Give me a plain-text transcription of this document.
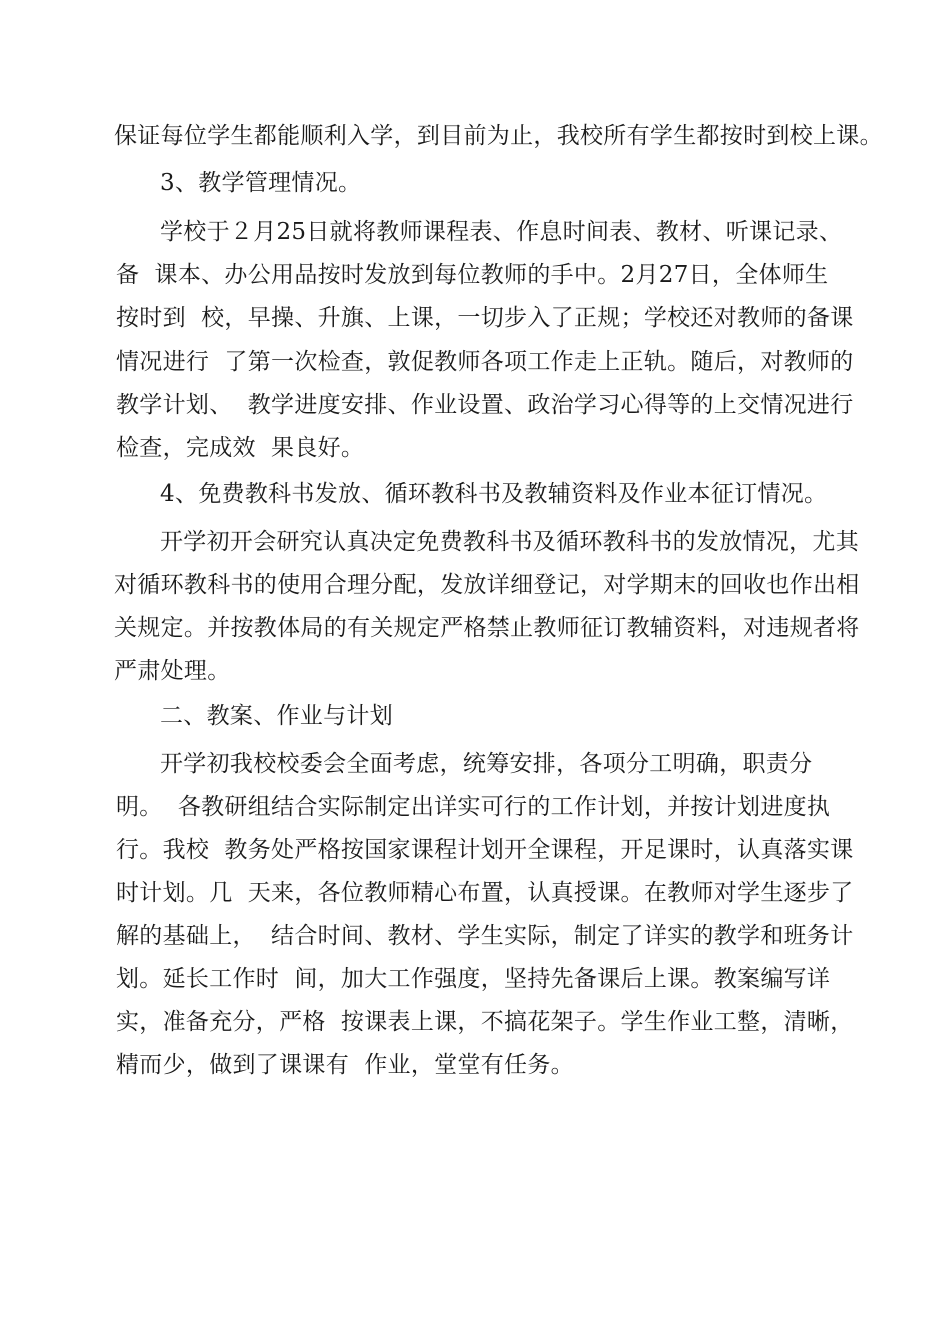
保证每位学生都能顺利入学，到目前为止，我校所有学生都按时到校上课。
3、教学管理情况。
学校于２月25日就将教师课程表、作息时间表、教材、听课记录、
备  课本、办公用品按时发放到每位教师的手中。2月27日，全体师生
按时到  校，早操、升旗、上课，一切步入了正规；学校还对教师的备课
情况进行  了第一次检查，敦促教师各项工作走上正轨。随后，对教师的
教学计划、  教学进度安排、作业设置、政治学习心得等的上交情况进行
检查，完成效  果良好。
4、免费教科书发放、循环教科书及教辅资料及作业本征订情况。
开学初开会研究认真决定免费教科书及循环教科书的发放情况，尤其
对循环教科书的使用合理分配，发放详细登记，对学期末的回收也作出相
关规定。并按教体局的有关规定严格禁止教师征订教辅资料，对违规者将
严肃处理。
二、教案、作业与计划
开学初我校校委会全面考虑，统筹安排，各项分工明确，职责分
明。  各教研组结合实际制定出详实可行的工作计划，并按计划进度执
行。我校  教务处严格按国家课程计划开全课程，开足课时，认真落实课
时计划。几  天来，各位教师精心布置，认真授课。在教师对学生逐步了
解的基础上，  结合时间、教材、学生实际，制定了详实的教学和班务计
划。延长工作时  间，加大工作强度，坚持先备课后上课。教案编写详
实，准备充分，严格  按课表上课，不搞花架子。学生作业工整，清晰，
精而少，做到了课课有  作业，堂堂有任务。
